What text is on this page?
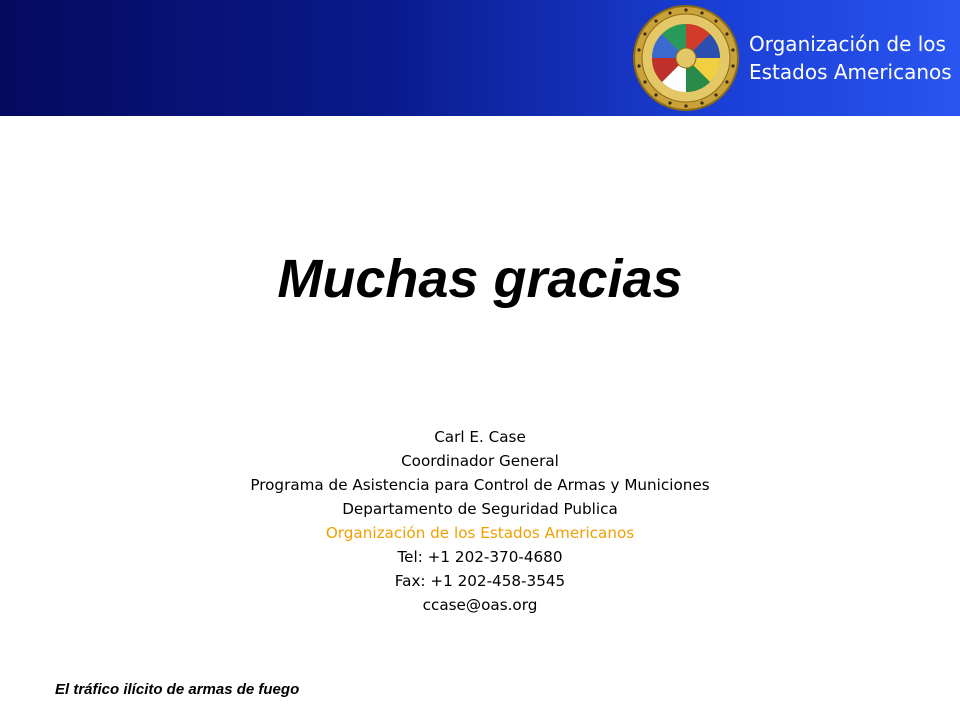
Organización de los
Estados Americanos
Muchas gracias
Carl E. Case
Coordinador General
Programa de Asistencia para Control de Armas y Municiones
Departamento de Seguridad Publica
Organización de los Estados Americanos
Tel: +1 202-370-4680
Fax: +1 202-458-3545
ccase@oas.org
El tráfico ilícito de armas de fuego
